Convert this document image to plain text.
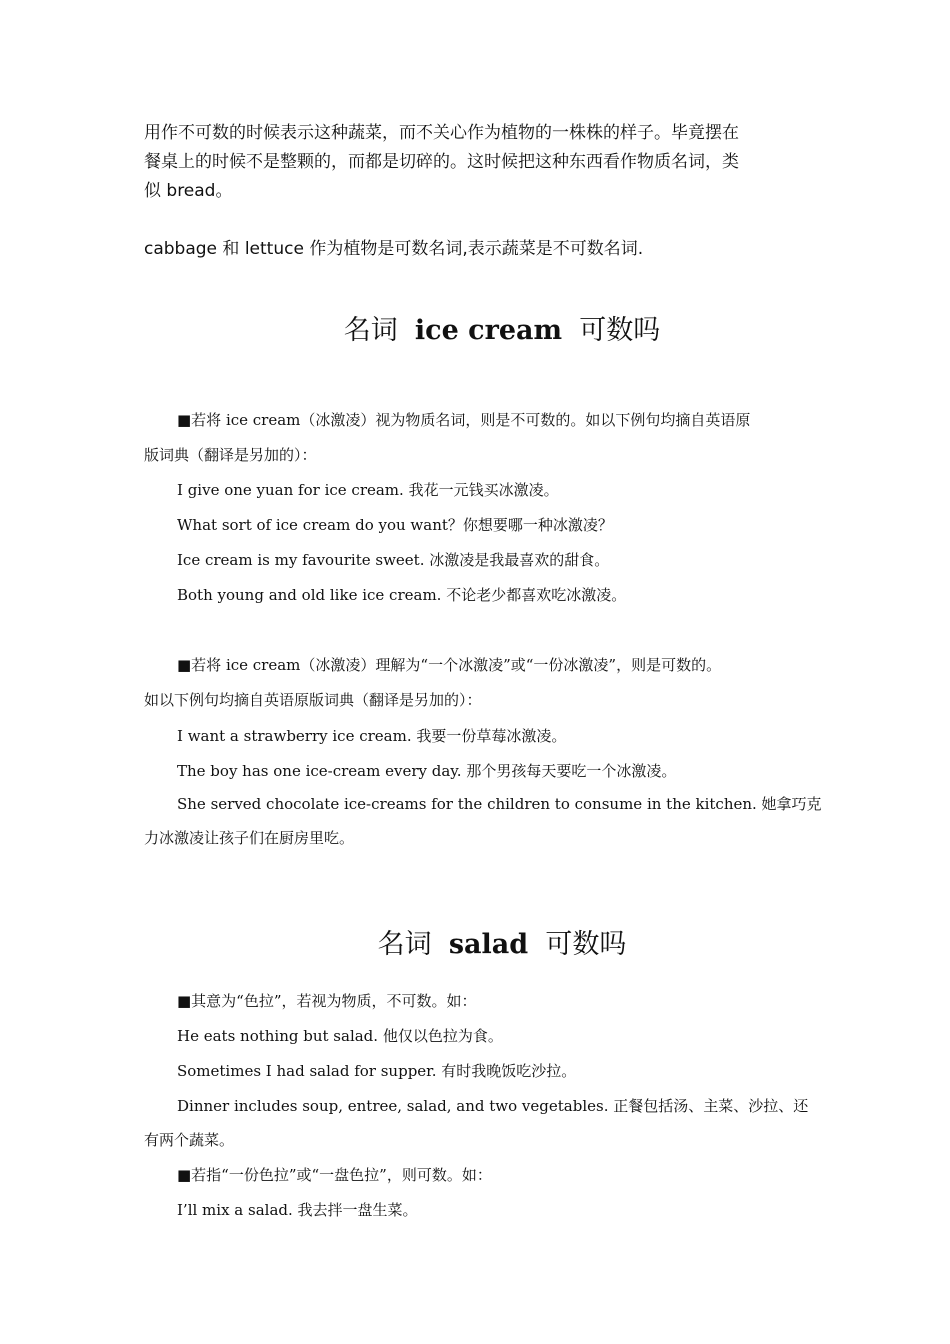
用作不可数的时候表示这种蔬菜，而不关心作为植物的一株株的样子。毕竟摆在
餐桌上的时候不是整颗的，而都是切碎的。这时候把这种东西看作物质名词，类
似 bread。
cabbage 和 lettuce 作为植物是可数名词,表示蔬菜是不可数名词.
名词 ice cream 可数吗
■若将 ice cream（冰激凌）视为物质名词，则是不可数的。如以下例句均摘自英语原
版词典（翻译是另加的）：
I give one yuan for ice cream. 我花一元钱买冰激凌。
What sort of ice cream do you want？你想要哪一种冰激凌？
Ice cream is my favourite sweet. 冰激凌是我最喜欢的甜食。
Both young and old like ice cream. 不论老少都喜欢吃冰激凌。
■若将 ice cream（冰激凌）理解为“一个冰激凌”或“一份冰激凌”，则是可数的。
如以下例句均摘自英语原版词典（翻译是另加的）：
I want a strawberry ice cream. 我要一份草莓冰激凌。
The boy has one ice-cream every day. 那个男孩每天要吃一个冰激凌。
She served chocolate ice-creams for the children to consume in the kitchen. 她拿巧克
力冰激凌让孩子们在厨房里吃。
名词 salad 可数吗
■其意为“色拉”，若视为物质，不可数。如：
He eats nothing but salad. 他仅以色拉为食。
Sometimes I had salad for supper. 有时我晚饭吃沙拉。
Dinner includes soup, entree, salad, and two vegetables. 正餐包括汤、主菜、沙拉、还
有两个蔬菜。
■若指“一份色拉”或“一盘色拉”，则可数。如：
I’ll mix a salad. 我去拌一盘生菜。
